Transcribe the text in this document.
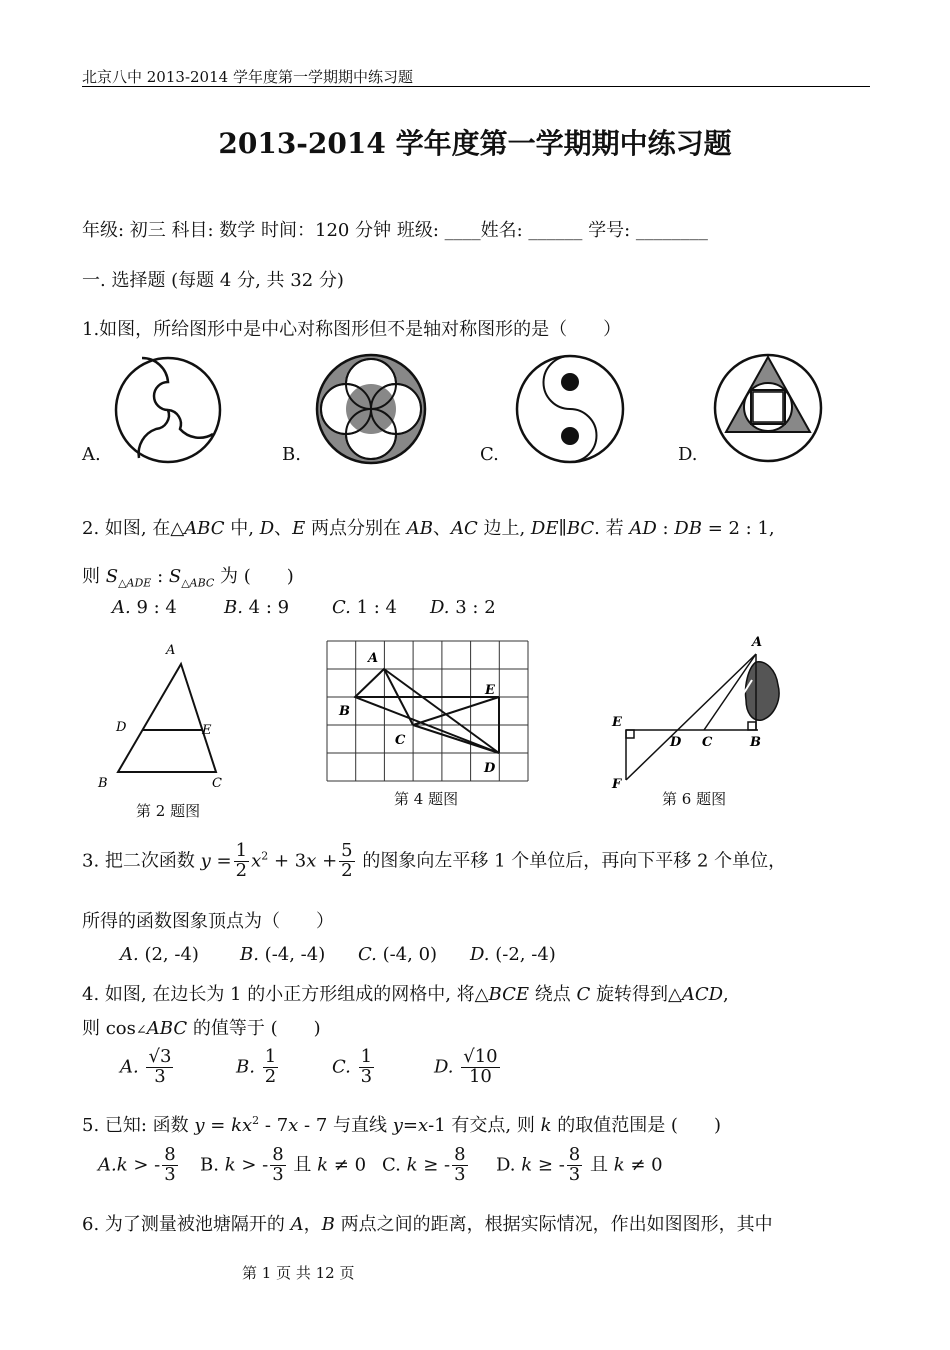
北京八中 2013-2014 学年度第一学期期中练习题
2013-2014 学年度第一学期期中练习题
年级: 初三 科目: 数学 时间：120 分钟 班级: ____姓名: ______ 学号: ________
一. 选择题 (每题 4 分, 共 32 分)
1.如图，所给图形中是中心对称图形但不是轴对称图形的是（　　）
A.	B.	C.	D.
2. 如图, 在△ABC 中, D、E 两点分别在 AB、AC 边上, DE∥BC. 若 AD : DB = 2 : 1,
则 $S_{\triangle ADE}$ : $S_{\triangle ABC}$ 为 (　　)
A. 9 : 4	B. 4 : 9 C. 1 : 4 D. 3 : 2
A
D	E
B	C
第 2 题图
A
B
C
E
D
第 4 题图
A
E
D C	B
F
第 6 题图
3. 把二次函数 $y = \frac{1}{2} x^2 + 3x + \frac{5}{2}$ 的图象向左平移 1 个单位后，再向下平移 2 个单位，
所得的函数图象顶点为（　　）
A. (2, -4) B. (-4, -4) C. (-4, 0) D. (-2, -4)
4. 如图, 在边长为 1 的小正方形组成的网格中, 将△BCE 绕点 C 旋转得到△ACD,
则 cos∠ABC 的值等于 (　　)
A. $\frac{√3}{3}$	B. $\frac{1}{2}$	C. $\frac{1}{3}$	D. $\frac{√10}{10}$
5. 已知: 函数 $y = kx^2 - 7x - 7$ 与直线 y=x-1 有交点, 则 k 的取值范围是 (　　)
A.k > - $\frac{8}{3} B$. k > - $\frac{8}{3}$ 且 k ≠ 0 C. k ≥ - $\frac{8}{3} D$. k ≥ - $\frac{8}{3}$ 且 k ≠ 0
6. 为了测量被池塘隔开的 A，B 两点之间的距离，根据实际情况，作出如图图形，其中
第 1 页 共 12 页
